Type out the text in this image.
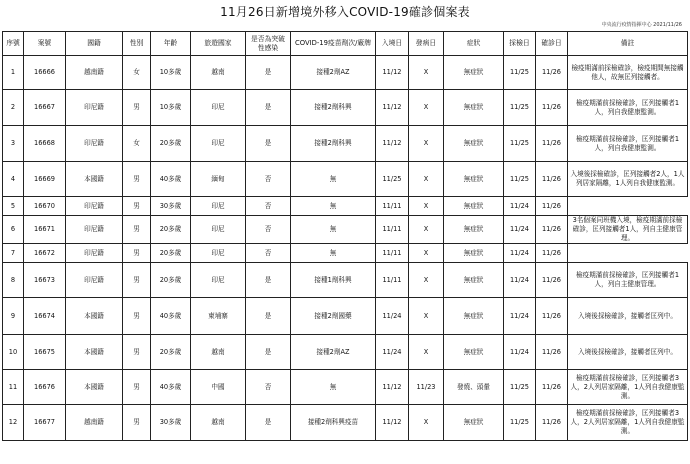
11月26日新增境外移入COVID-19確診個案表
中央流行疫情指揮中心 2021/11/26
序號	案號	國籍	性別	年齡	旅遊國家	是否為突破性感染	COVID-19疫苗劑次/廠牌	入境日	發病日	症狀	採檢日	確診日	備註
1	16666	越南籍	女	10多歲	越南	是	接種2劑AZ	11/12	X	無症狀	11/25	11/26	檢疫期滿前採檢確診，檢疫期間無接觸他人，故無匡列接觸者。
2	16667	印尼籍	男	10多歲	印尼	是	接種2劑科興	11/12	X	無症狀	11/25	11/26	檢疫期滿前採檢確診，匡列接觸者1人，列自我健康監測。
3	16668	印尼籍	女	20多歲	印尼	是	接種2劑科興	11/12	X	無症狀	11/25	11/26	檢疫期滿前採檢確診，匡列接觸者1人，列自我健康監測。
4	16669	本國籍	男	40多歲	緬甸	否	無	11/25	X	無症狀	11/25	11/26	入境後採檢確診，匡列接觸者2人，1人列居家隔離，1人列自我健康監測。
5	16670	印尼籍	男	30多歲	印尼	否	無	11/11	X	無症狀	11/24	11/26	
6	16671	印尼籍	男	20多歲	印尼	否	無	11/11	X	無症狀	11/24	11/26	3名個案同班機入境，檢疫期滿前採檢確診，匡列接觸者1人，列自主健康管理。
7	16672	印尼籍	男	20多歲	印尼	否	無	11/11	X	無症狀	11/24	11/26	
8	16673	印尼籍	男	20多歲	印尼	是	接種1劑科興	11/11	X	無症狀	11/24	11/26	檢疫期滿前採檢確診，匡列接觸者1人，列自主健康管理。
9	16674	本國籍	男	40多歲	柬埔寨	是	接種2劑國藥	11/24	X	無症狀	11/24	11/26	入境後採檢確診，接觸者匡列中。
10	16675	本國籍	男	20多歲	越南	是	接種2劑AZ	11/24	X	無症狀	11/24	11/26	入境後採檢確診，接觸者匡列中。
11	16676	本國籍	男	40多歲	中國	否	無	11/12	11/23	發燒、頭暈	11/25	11/26	檢疫期滿前採檢確診，匡列接觸者3人，2人列居家隔離，1人列自我健康監測。
12	16677	越南籍	男	30多歲	越南	是	接種2劑科興疫苗	11/12	X	無症狀	11/25	11/26	檢疫期滿前採檢確診，匡列接觸者3人，2人列居家隔離，1人列自我健康監測。
